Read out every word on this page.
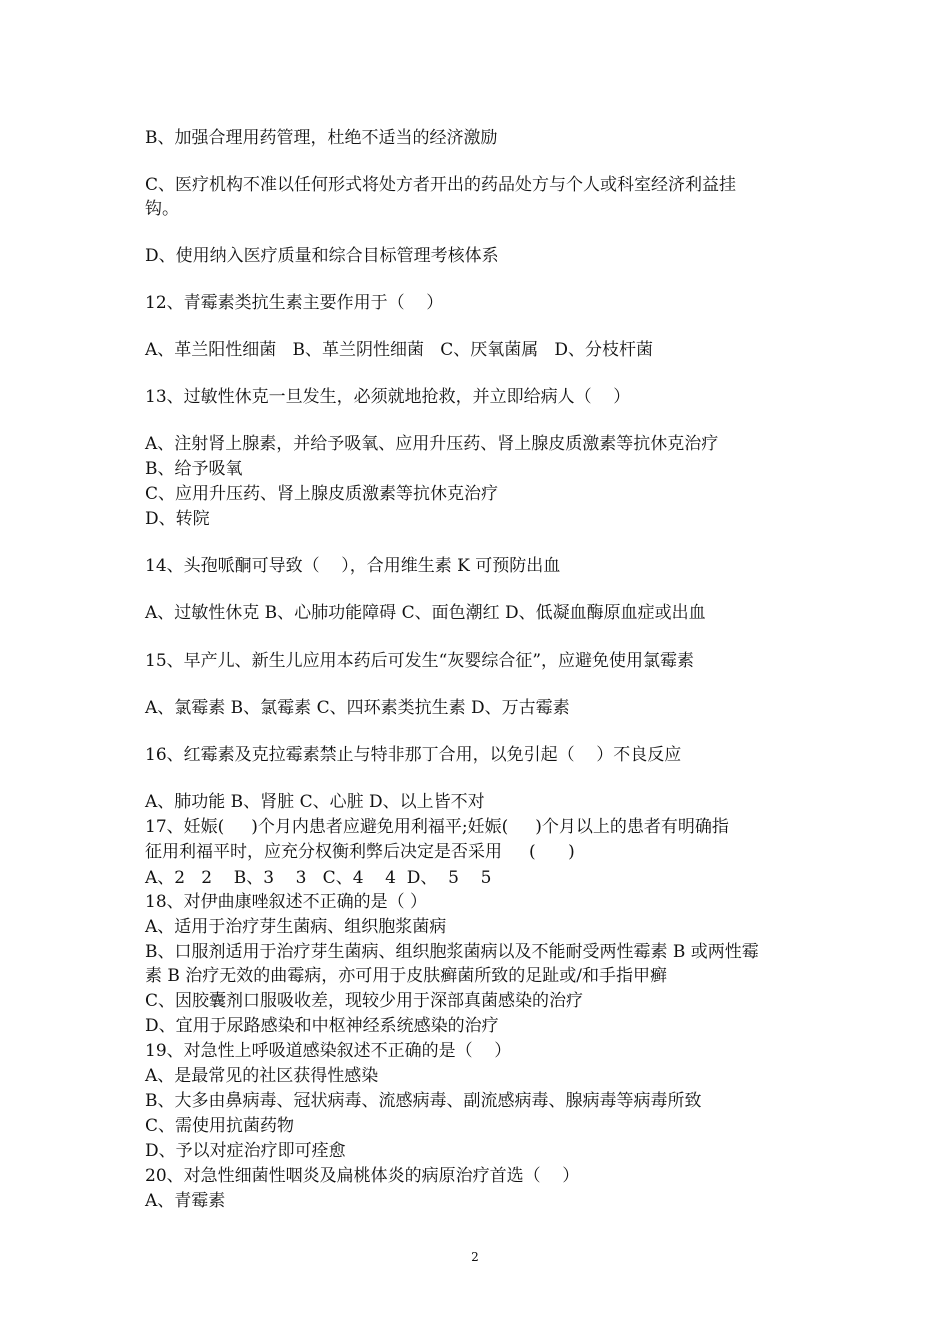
B、加强合理用药管理，杜绝不适当的经济激励
C、医疗机构不准以任何形式将处方者开出的药品处方与个人或科室经济利益挂
钩。
D、使用纳入医疗质量和综合目标管理考核体系
12、青霉素类抗生素主要作用于（    ）
A、革兰阳性细菌   B、革兰阴性细菌   C、厌氧菌属   D、分枝杆菌
13、过敏性休克一旦发生，必须就地抢救，并立即给病人（    ）
A、注射肾上腺素，并给予吸氧、应用升压药、肾上腺皮质激素等抗休克治疗
B、给予吸氧
C、应用升压药、肾上腺皮质激素等抗休克治疗
D、转院
14、头孢哌酮可导致（    ），合用维生素 K 可预防出血
A、过敏性休克 B、心肺功能障碍 C、面色潮红 D、低凝血酶原血症或出血
15、早产儿、新生儿应用本药后可发生“灰婴综合征”，应避免使用氯霉素
A、氯霉素 B、氯霉素 C、四环素类抗生素 D、万古霉素
16、红霉素及克拉霉素禁止与特非那丁合用，以免引起（    ）不良反应
A、肺功能 B、肾脏 C、心脏 D、以上皆不对
17、妊娠(     )个月内患者应避免用利福平;妊娠(     )个月以上的患者有明确指
征用利福平时，应充分权衡利弊后决定是否采用     (      )
A、2   2    B、3    3   C、4    4  D、  5    5
18、对伊曲康唑叙述不正确的是（ ）
A、适用于治疗芽生菌病、组织胞浆菌病
B、口服剂适用于治疗芽生菌病、组织胞浆菌病以及不能耐受两性霉素 B 或两性霉
素 B 治疗无效的曲霉病，亦可用于皮肤癣菌所致的足趾或/和手指甲癣
C、因胶囊剂口服吸收差，现较少用于深部真菌感染的治疗
D、宜用于尿路感染和中枢神经系统感染的治疗
19、对急性上呼吸道感染叙述不正确的是（    ）
A、是最常见的社区获得性感染
B、大多由鼻病毒、冠状病毒、流感病毒、副流感病毒、腺病毒等病毒所致
C、需使用抗菌药物
D、予以对症治疗即可痊愈
20、对急性细菌性咽炎及扁桃体炎的病原治疗首选（    ）
A、青霉素
2
